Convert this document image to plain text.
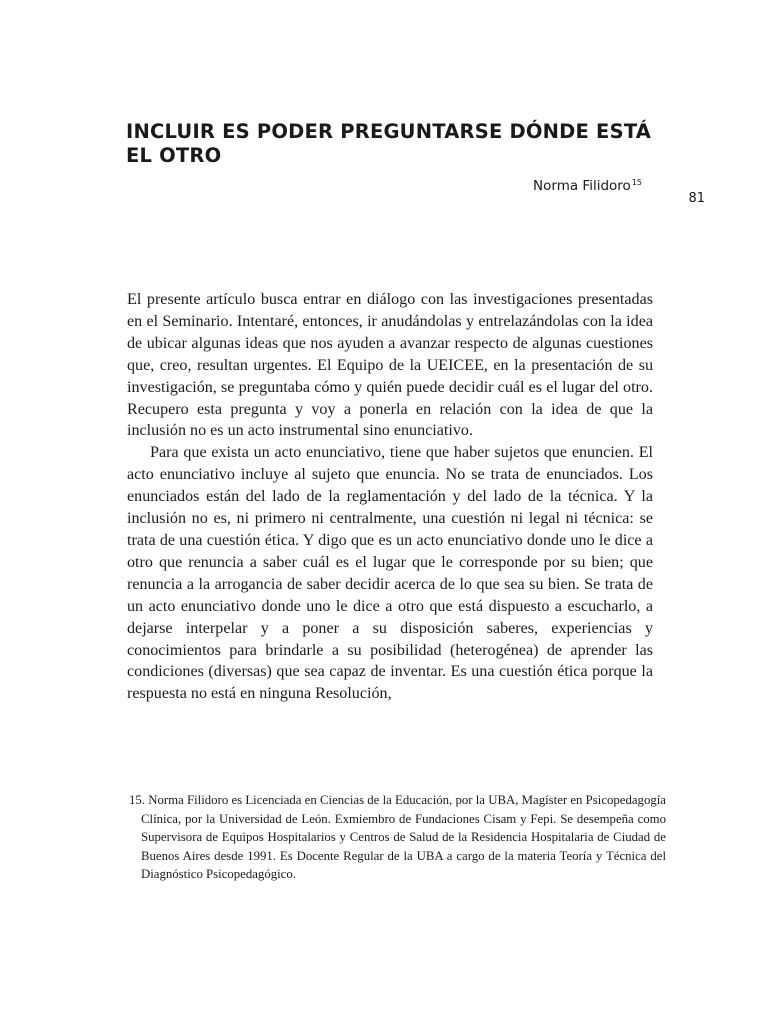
INCLUIR ES PODER PREGUNTARSE DÓNDE ESTÁ EL OTRO
Norma Filidoro$^{15}$
81

El presente artículo busca entrar en diálogo con las investigaciones presentadas en el Seminario. Intentaré, entonces, ir anudándolas y entrelazándolas con la idea de ubicar algunas ideas que nos ayuden a avanzar respecto de algunas cuestiones que, creo, resultan urgentes. El Equipo de la UEICEE, en la presentación de su investigación, se preguntaba cómo y quién puede decidir cuál es el lugar del otro. Recupero esta pregunta y voy a ponerla en relación con la idea de que la inclusión no es un acto instrumental sino enunciativo.

Para que exista un acto enunciativo, tiene que haber sujetos que enuncien. El acto enunciativo incluye al sujeto que enuncia. No se trata de enunciados. Los enunciados están del lado de la reglamentación y del lado de la técnica. Y la inclusión no es, ni primero ni centralmente, una cuestión ni legal ni técnica: se trata de una cuestión ética. Y digo que es un acto enunciativo donde uno le dice a otro que renuncia a saber cuál es el lugar que le corresponde por su bien; que renuncia a la arrogancia de saber decidir acerca de lo que sea su bien. Se trata de un acto enunciativo donde uno le dice a otro que está dispuesto a escucharlo, a dejarse interpelar y a poner a su disposición saberes, experiencias y conocimientos para brindarle a su posibilidad (heterogénea) de aprender las condiciones (diversas) que sea capaz de inventar. Es una cuestión ética porque la respuesta no está en ninguna Resolución,

15. Norma Filidoro es Licenciada en Ciencias de la Educación, por la UBA, Magíster en Psicopedagogía Clínica, por la Universidad de León. Exmiembro de Fundaciones Cisam y Fepi. Se desempeña como Supervisora de Equipos Hospitalarios y Centros de Salud de la Residencia Hospitalaria de Ciudad de Buenos Aires desde 1991. Es Docente Regular de la UBA a cargo de la materia Teoría y Técnica del Diagnóstico Psicopedagógico.
